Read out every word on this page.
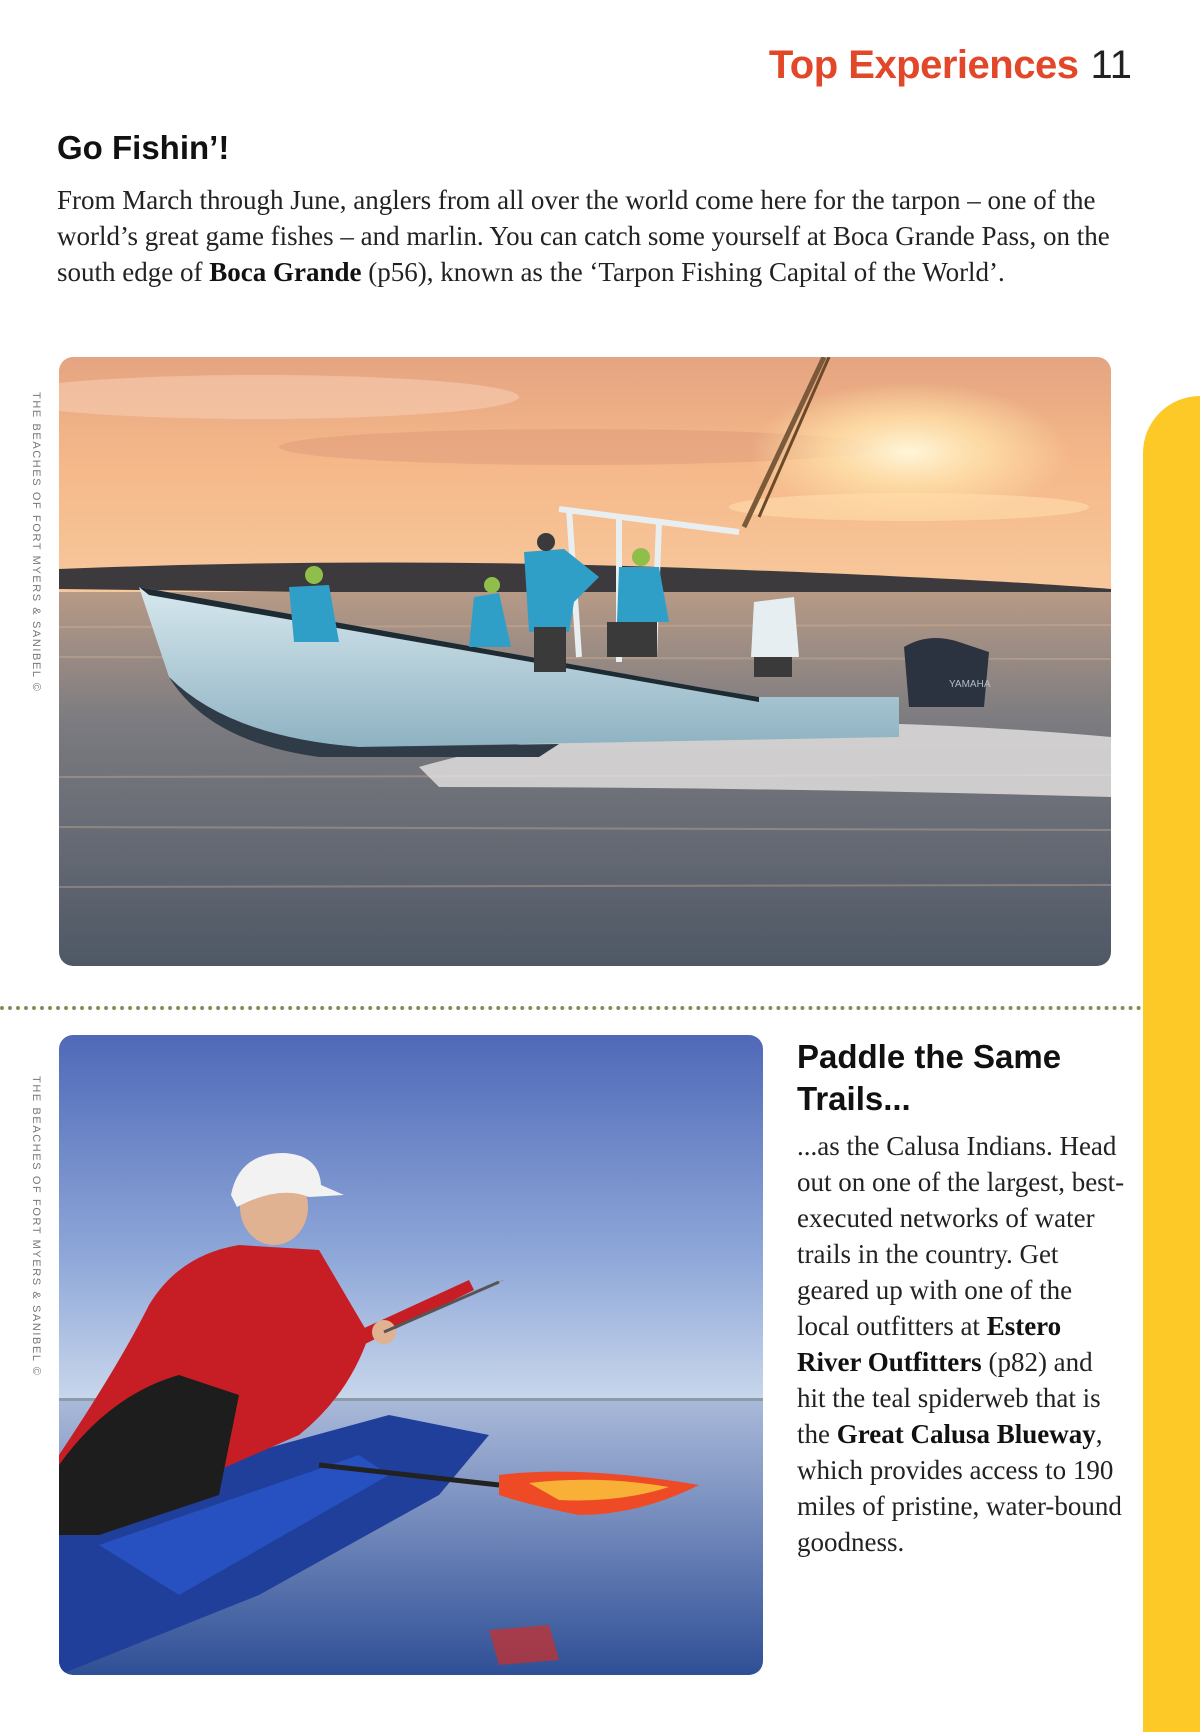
Top Experiences 11
Go Fishin’!

From March through June, anglers from all over the world come here for the tarpon – one of the world’s great game fishes – and marlin. You can catch some yourself at Boca Grande Pass, on the south edge of Boca Grande (p56), known as the ‘Tarpon Fishing Capital of the World’.

THE BEACHES OF FORT MYERS & SANIBEL ©	YAMAHA
THE BEACHES OF FORT MYERS & SANIBEL ©
Paddle the Same Trails...

...as the Calusa Indians. Head out on one of the largest, best-executed networks of water trails in the country. Get geared up with one of the local outfitters at Estero River Outfitters (p82) and hit the teal spiderweb that is the Great Calusa Blueway, which provides access to 190 miles of pristine, water-bound goodness.
